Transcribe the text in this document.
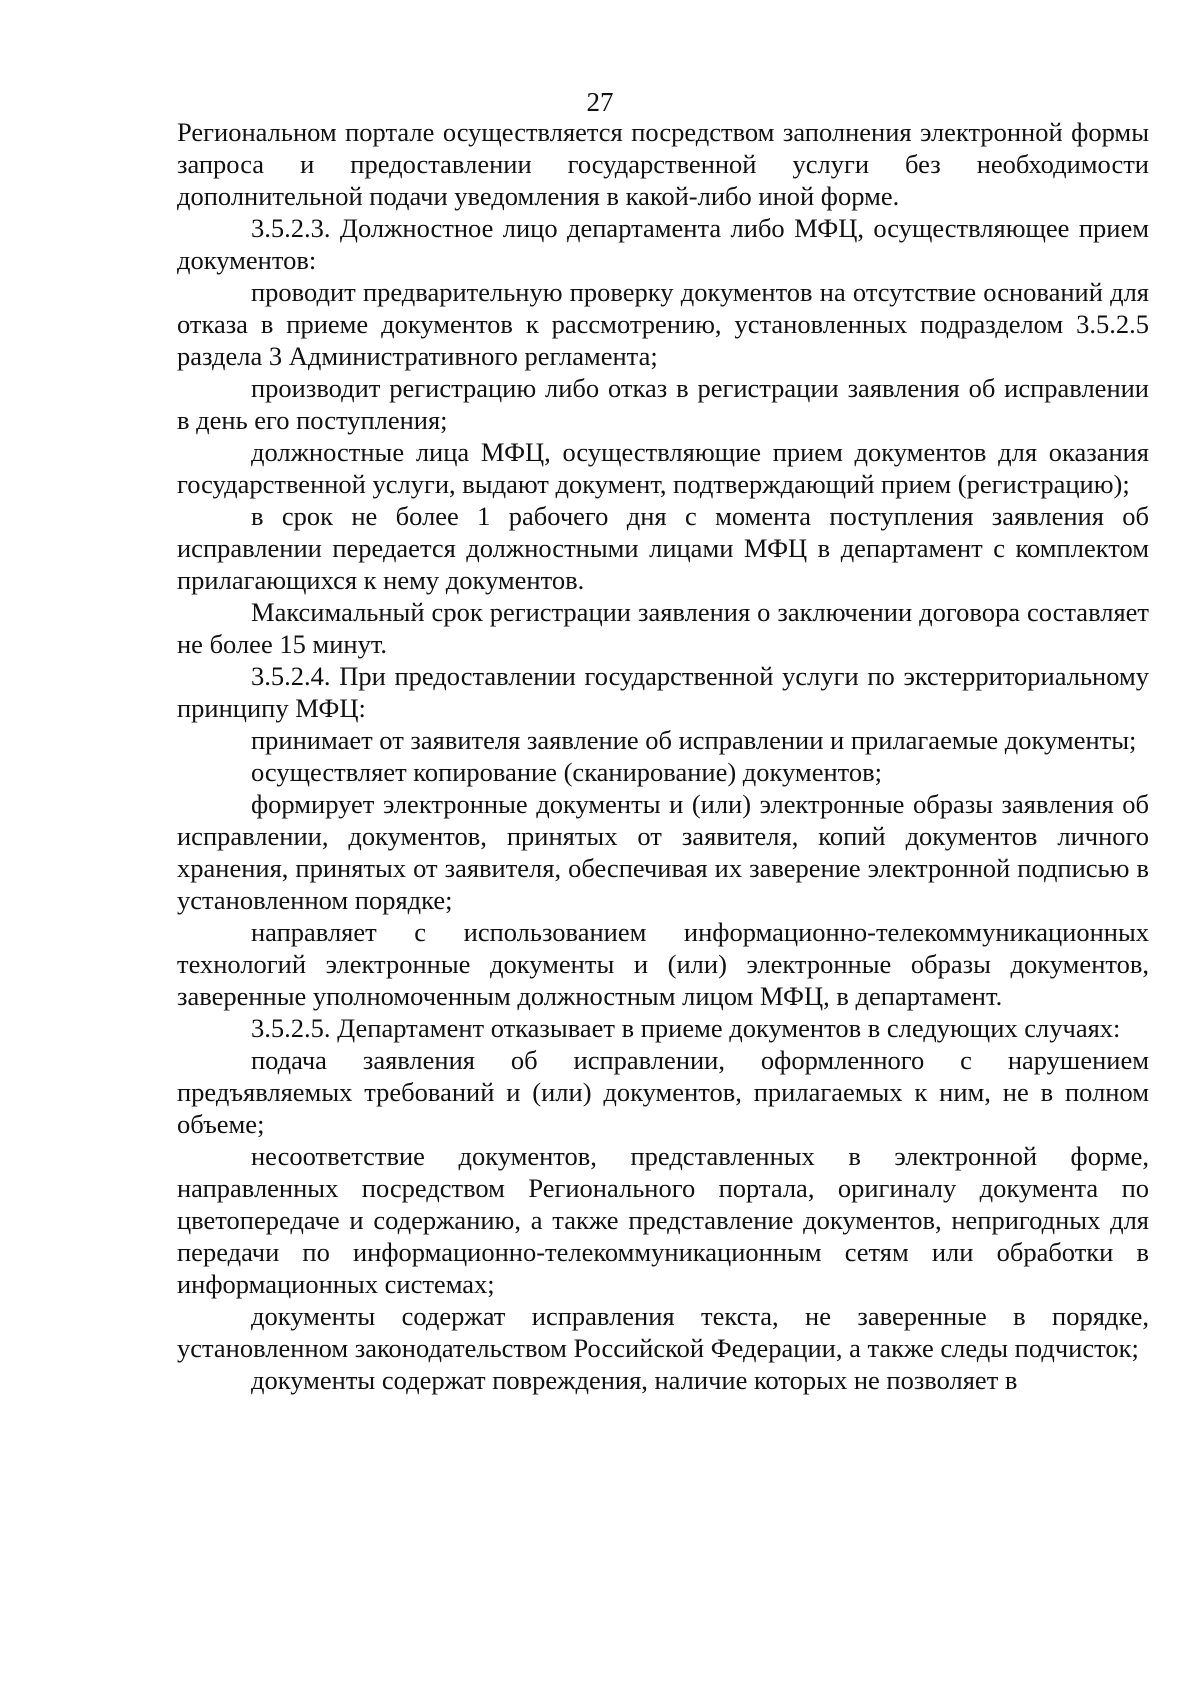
27

Региональном портале осуществляется посредством заполнения электронной формы запроса и предоставлении государственной услуги без необходимости дополнительной подачи уведомления в какой-либо иной форме.

3.5.2.3. Должностное лицо департамента либо МФЦ, осуществляющее прием документов:

проводит предварительную проверку документов на отсутствие оснований для отказа в приеме документов к рассмотрению, установленных подразделом 3.5.2.5 раздела 3 Административного регламента;

производит регистрацию либо отказ в регистрации заявления об исправлении в день его поступления;

должностные лица МФЦ, осуществляющие прием документов для оказания государственной услуги, выдают документ, подтверждающий прием (регистрацию);

в срок не более 1 рабочего дня с момента поступления заявления об исправлении передается должностными лицами МФЦ в департамент с комплектом прилагающихся к нему документов.

Максимальный срок регистрации заявления о заключении договора составляет не более 15 минут.

3.5.2.4. При предоставлении государственной услуги по экстерриториальному принципу МФЦ:

принимает от заявителя заявление об исправлении и прилагаемые документы;

осуществляет копирование (сканирование) документов;

формирует электронные документы и (или) электронные образы заявления об исправлении, документов, принятых от заявителя, копий документов личного хранения, принятых от заявителя, обеспечивая их заверение электронной подписью в установленном порядке;

направляет с использованием информационно-телекоммуникационных технологий электронные документы и (или) электронные образы документов, заверенные уполномоченным должностным лицом МФЦ, в департамент.

3.5.2.5. Департамент отказывает в приеме документов в следующих случаях:

подача заявления об исправлении, оформленного с нарушением предъявляемых требований и (или) документов, прилагаемых к ним, не в полном объеме;

несоответствие документов, представленных в электронной форме, направленных посредством Регионального портала, оригиналу документа по цветопередаче и содержанию, а также представление документов, непригодных для передачи по информационно-телекоммуникационным сетям или обработки в информационных системах;

документы содержат исправления текста, не заверенные в порядке, установленном законодательством Российской Федерации, а также следы подчисток;

документы содержат повреждения, наличие которых не позволяет в
